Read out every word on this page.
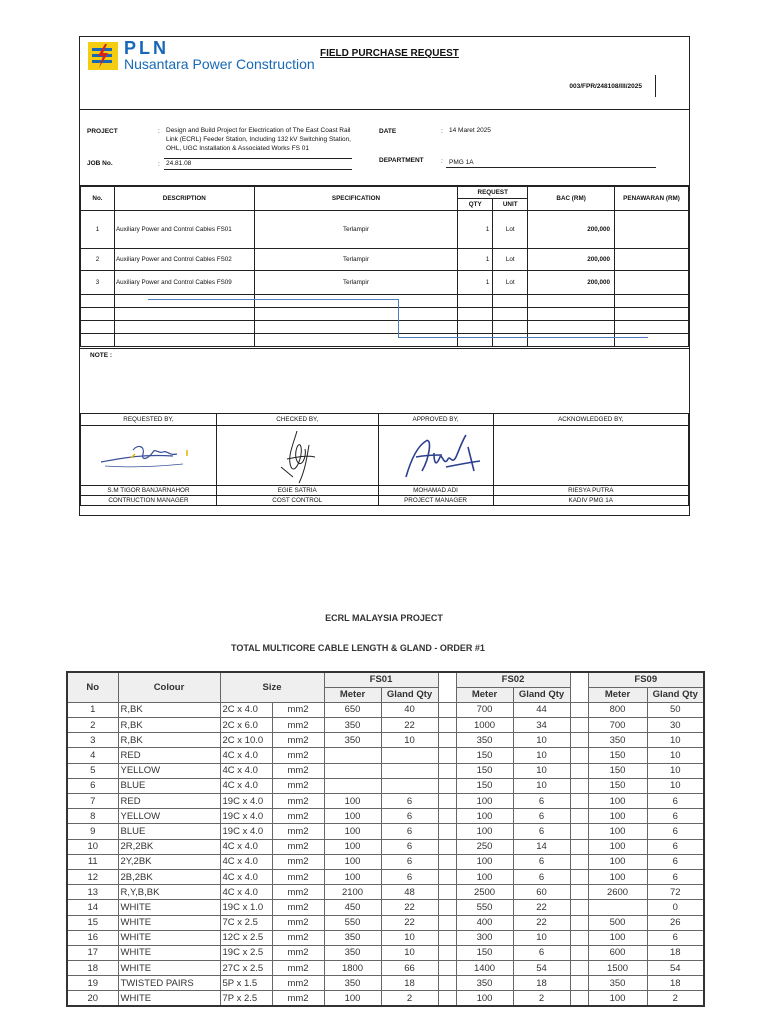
PLN
Nusantara Power Construction
FIELD PURCHASE REQUEST
003/FPR/248108/III/2025
PROJECT	: Design and Build Project for Electrication of The East Coast Rail Link (ECRL) Feeder Station, Including 132 kV Switching Station, OHL, UGC Installation & Associated Works FS 01
JOB No.	: 24.81.08
DATE	: 14 Maret 2025
DEPARTMENT	: PMG 1A
No.	DESCRIPTION	SPECIFICATION	REQUEST		BAC (RM)	PENAWARAN (RM)
			QTY	UNIT		
1	Auxiliary Power and Control Cables FS01	Terlampir	1	Lot	200,000	
2	Auxiliary Power and Control Cables FS02	Terlampir	1	Lot	200,000	
3	Auxiliary Power and Control Cables FS09	Terlampir	1	Lot	200,000	

NOTE :
REQUESTED BY,	CHECKED BY,	APPROVED BY,	ACKNOWLEDGED BY,

S.M TIGOR BANJARNAHOR	EGIE SATRIA	MOHAMAD ADI	RIESYA PUTRA
CONTRUCTION MANAGER	COST CONTROL	PROJECT MANAGER	KADIV PMG 1A
ECRL MALAYSIA PROJECT
TOTAL MULTICORE CABLE LENGTH & GLAND - ORDER #1
No	Colour	Size		FS01			FS02			FS09	
				Meter	Gland Qty		Meter	Gland Qty		Meter	Gland Qty
1	R,BK	2C x 4.0	mm2	650	40		700	44		800	50
2	R,BK	2C x 6.0	mm2	350	22		1000	34		700	30
3	R,BK	2C x 10.0	mm2	350	10		350	10		350	10
4	RED	4C x 4.0	mm2				150	10		150	10
5	YELLOW	4C x 4.0	mm2				150	10		150	10
6	BLUE	4C x 4.0	mm2				150	10		150	10
7	RED	19C x 4.0	mm2	100	6		100	6		100	6
8	YELLOW	19C x 4.0	mm2	100	6		100	6		100	6
9	BLUE	19C x 4.0	mm2	100	6		100	6		100	6
10	2R,2BK	4C x 4.0	mm2	100	6		250	14		100	6
11	2Y,2BK	4C x 4.0	mm2	100	6		100	6		100	6
12	2B,2BK	4C x 4.0	mm2	100	6		100	6		100	6
13	R,Y,B,BK	4C x 4.0	mm2	2100	48		2500	60		2600	72
14	WHITE	19C x 1.0	mm2	450	22		550	22			0
15	WHITE	7C x 2.5	mm2	550	22		400	22		500	26
16	WHITE	12C x 2.5	mm2	350	10		300	10		100	6
17	WHITE	19C x 2.5	mm2	350	10		150	6		600	18
18	WHITE	27C x 2.5	mm2	1800	66		1400	54		1500	54
19	TWISTED PAIRS	5P x 1.5	mm2	350	18		350	18		350	18
20	WHITE	7P x 2.5	mm2	100	2		100	2		100	2
